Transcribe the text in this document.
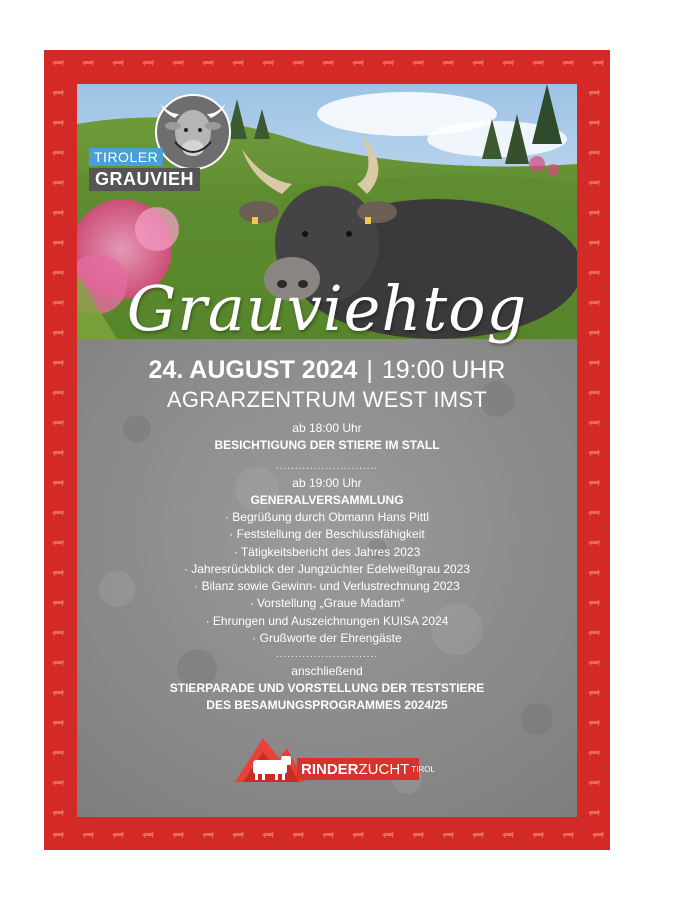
TIROLER
GRAUVIEH
Grauviehtog
24. AUGUST 2024 | 19:00 UHR
AGRARZENTRUM WEST IMST
ab 18:00 Uhr
BESICHTIGUNG DER STIERE IM STALL
...........................
ab 19:00 Uhr
GENERALVERSAMMLUNG
· Begrüßung durch Obmann Hans Pittl
· Feststellung der Beschlussfähigkeit
· Tätigkeitsbericht des Jahres 2023
· Jahresrückblick der Jungzüchter Edelweißgrau 2023
· Bilanz sowie Gewinn- und Verlustrechnung 2023
· Vorstellung „Graue Madam“
· Ehrungen und Auszeichnungen KUISA 2024
· Grußworte der Ehrengäste
...........................
anschließend
STIERPARADE UND VORSTELLUNG DER TESTSTIERE
DES BESAMUNGSPROGRAMMES 2024/25
RINDERZUCHT $^{TIROL}$
